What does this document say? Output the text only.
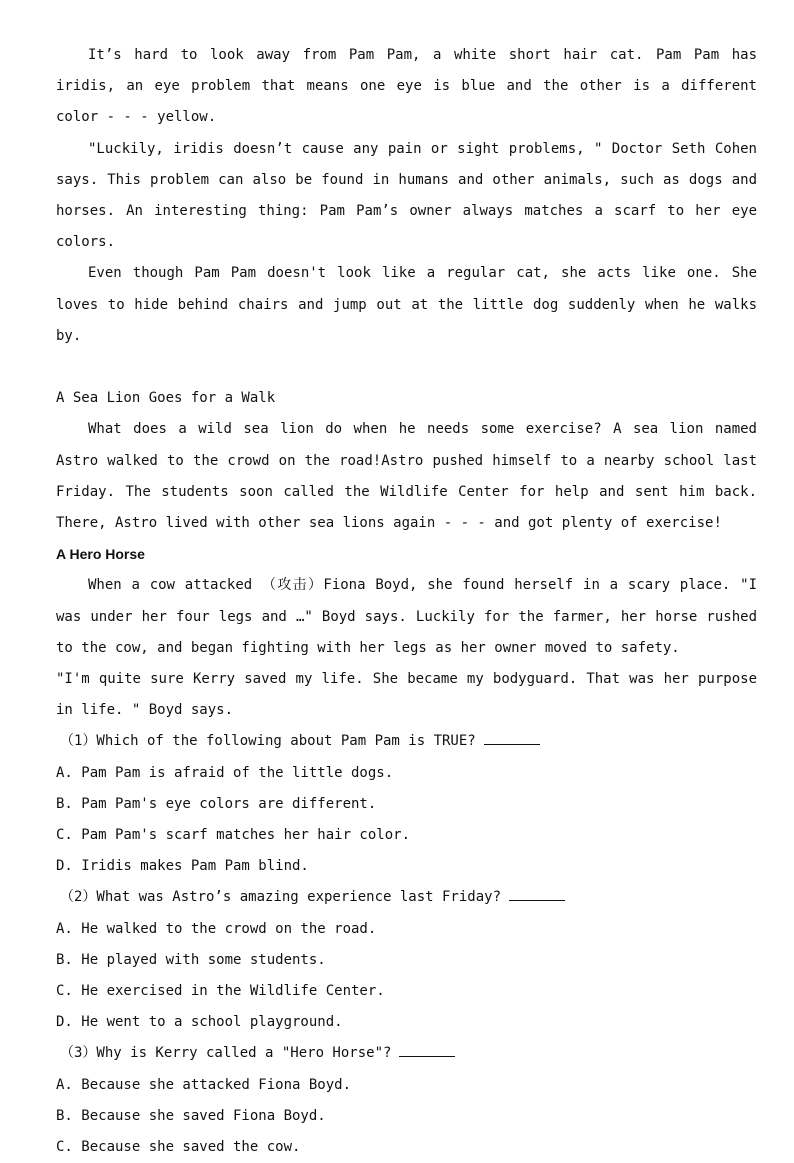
It’s hard to look away from Pam Pam, a white short hair cat. Pam Pam has iridis, an eye problem that means one eye is blue and the other is a different color - - - yellow.

"Luckily, iridis doesn’t cause any pain or sight problems, " Doctor Seth Cohen says. This problem can also be found in humans and other animals, such as dogs and horses. An interesting thing: Pam Pam’s owner always matches a scarf to her eye colors.

Even though Pam Pam doesn't look like a regular cat, she acts like one. She loves to hide behind chairs and jump out at the little dog suddenly when he walks by.

A Sea Lion Goes for a Walk

What does a wild sea lion do when he needs some exercise? A sea lion named Astro walked to the crowd on the road!Astro pushed himself to a nearby school last Friday. The students soon called the Wildlife Center for help and sent him back. There, Astro lived with other sea lions again - - - and got plenty of exercise!

A Hero Horse

When a cow attacked （攻击）Fiona Boyd, she found herself in a scary place. "I was under her four legs and …" Boyd says. Luckily for the farmer, her horse rushed to the cow, and began fighting with her legs as her owner moved to safety.

"I'm quite sure Kerry saved my life. She became my bodyguard. That was her purpose in life. " Boyd says.

（1）Which of the following about Pam Pam is TRUE?

A. Pam Pam is afraid of the little dogs.

B. Pam Pam's eye colors are different.

C. Pam Pam's scarf matches her hair color.

D. Iridis makes Pam Pam blind.

（2）What was Astro’s amazing experience last Friday?

A. He walked to the crowd on the road.

B. He played with some students.

C. He exercised in the Wildlife Center.

D. He went to a school playground.

（3）Why is Kerry called a "Hero Horse"?

A. Because she attacked Fiona Boyd.

B. Because she saved Fiona Boyd.

C. Because she saved the cow.
